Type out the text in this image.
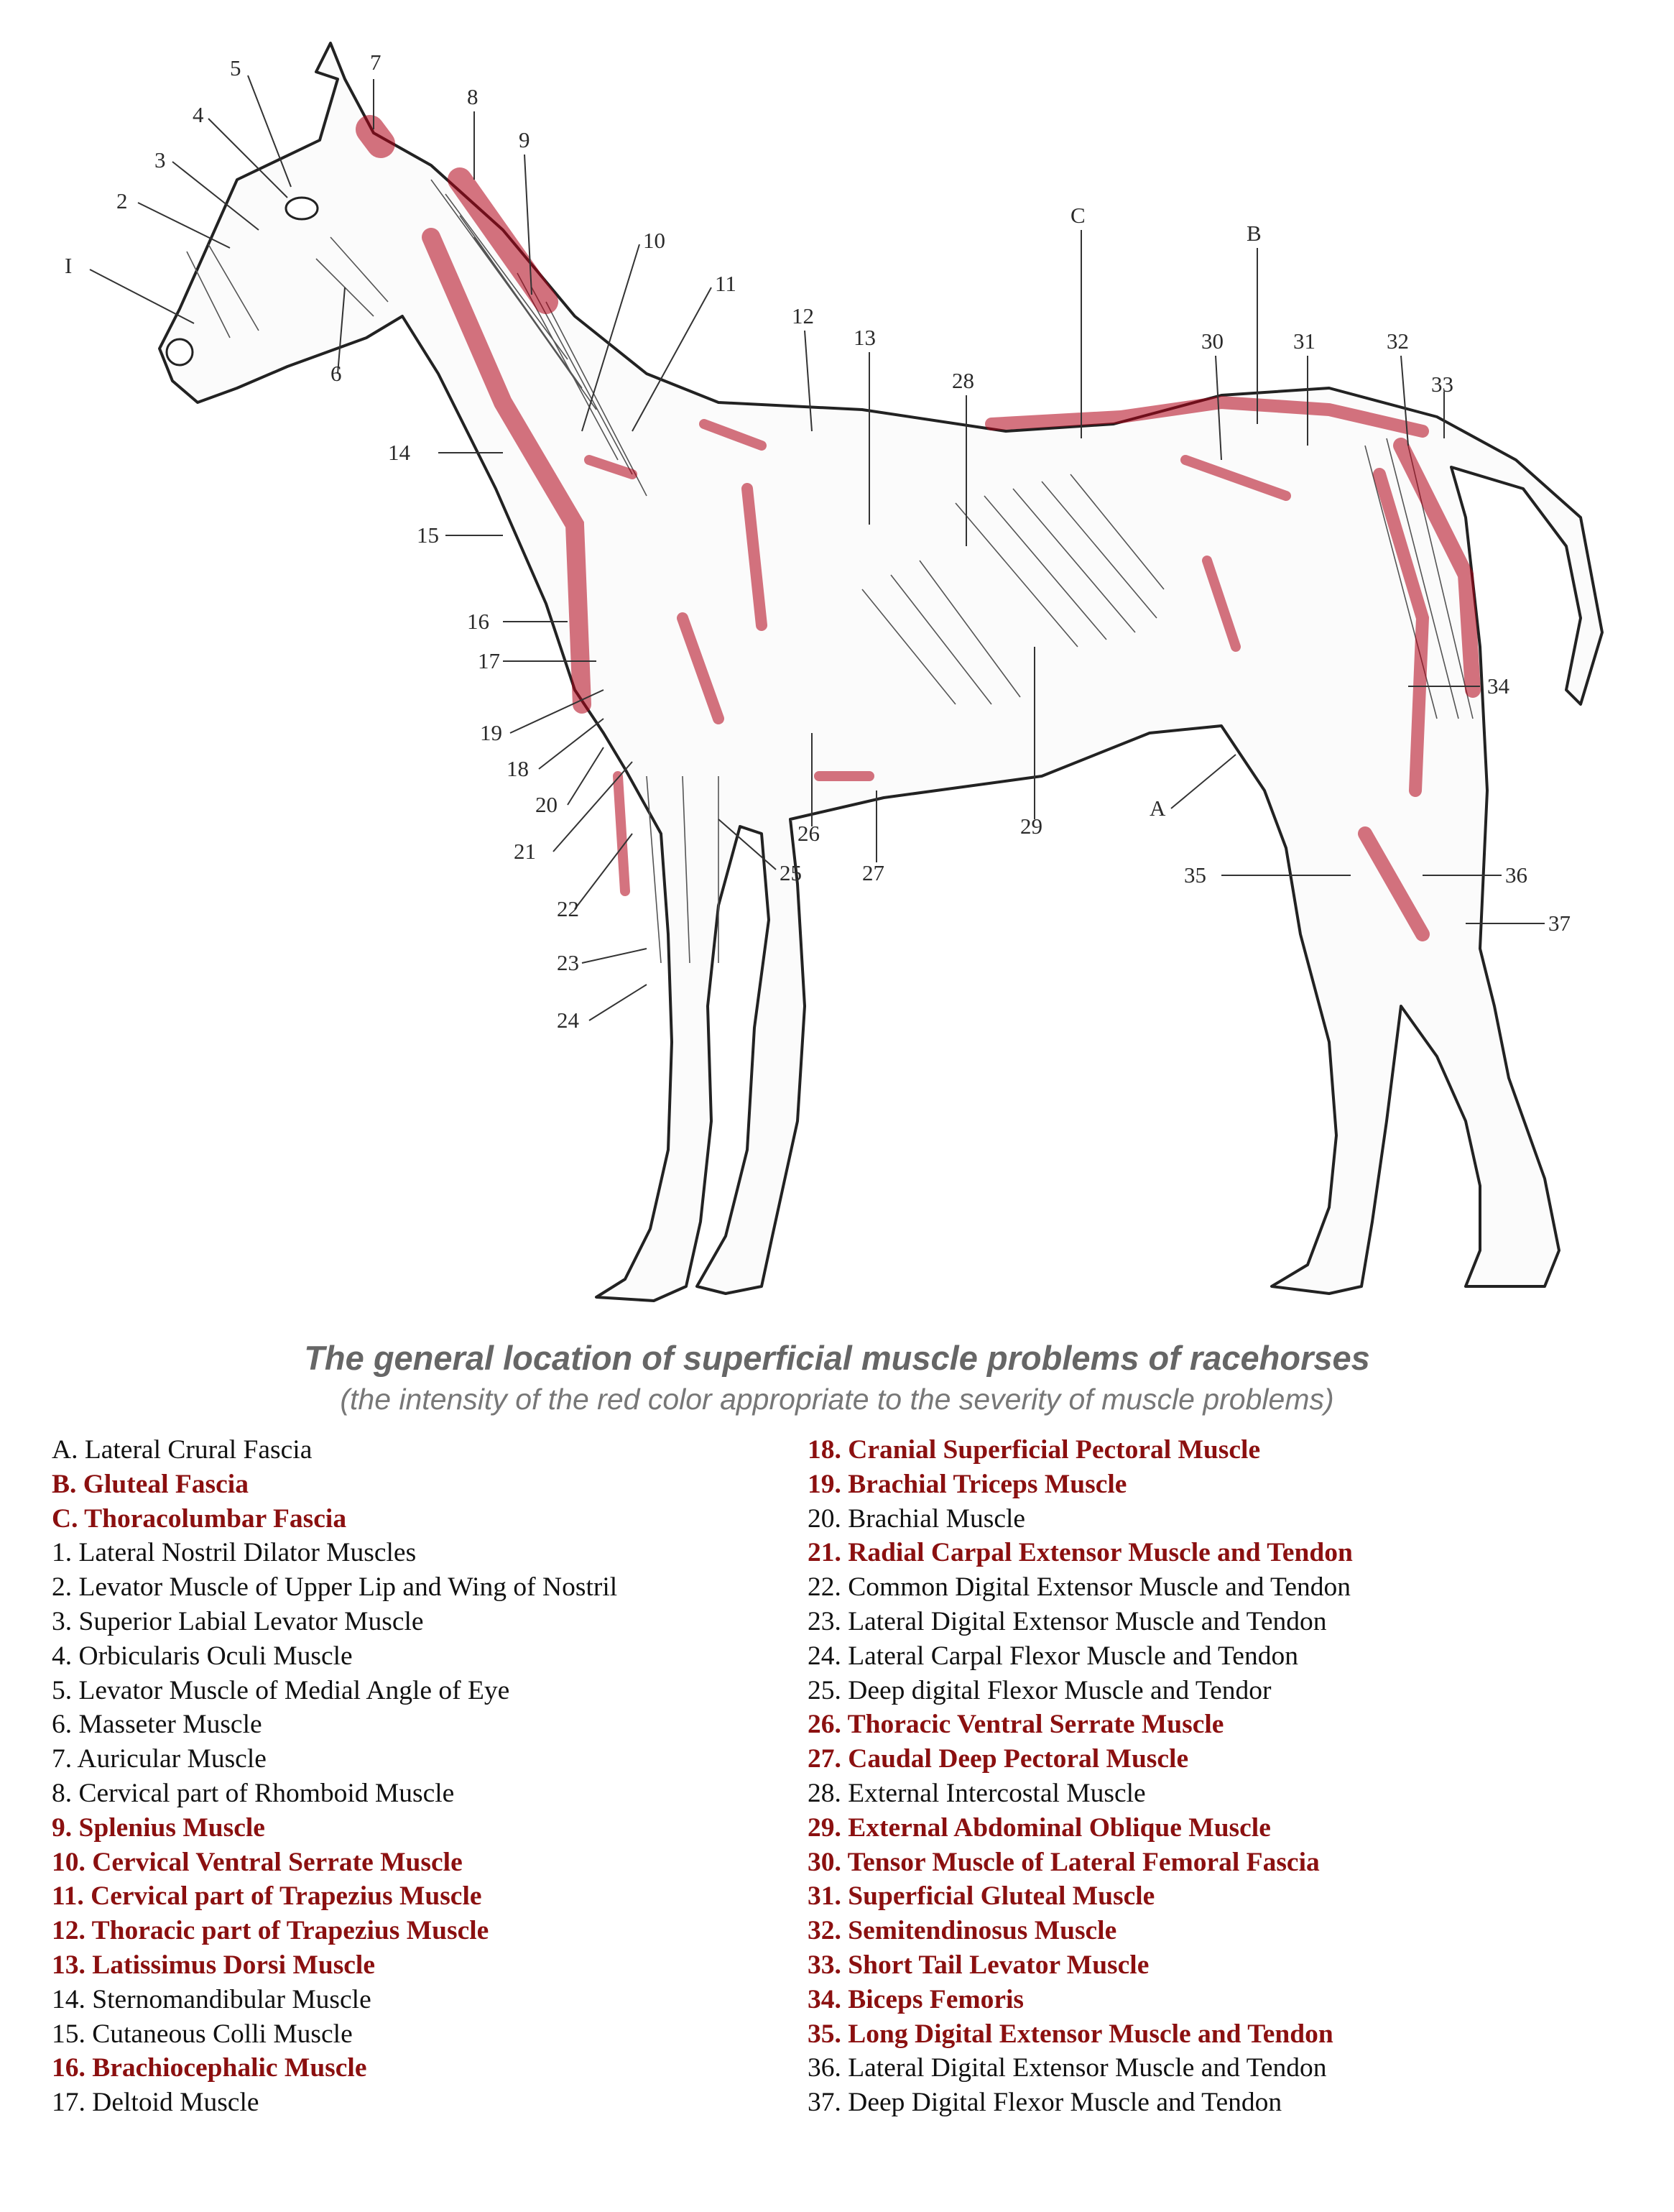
I
2
3
4
5
6
7
8
9
10
11
12
13
14
15
16
17
18
19
20
21
22
23
24
25
26
27
28
29
30	31	32
33
34
35	36
37
A
B
C
The general location of superficial muscle problems of racehorses
(the intensity of the red color appropriate to the severity of muscle problems)
A. Lateral Crural Fascia
B. Gluteal Fascia
C. Thoracolumbar Fascia
1. Lateral Nostril Dilator Muscles
2. Levator Muscle of Upper Lip and Wing of Nostril
3. Superior Labial Levator Muscle
4. Orbicularis Oculi Muscle
5. Levator Muscle of Medial Angle of Eye
6. Masseter Muscle
7. Auricular Muscle
8. Cervical part of Rhomboid Muscle
9. Splenius Muscle
10. Cervical Ventral Serrate Muscle
11. Cervical part of Trapezius Muscle
12. Thoracic part of Trapezius Muscle
13. Latissimus Dorsi Muscle
14. Sternomandibular Muscle
15. Cutaneous Colli Muscle
16. Brachiocephalic Muscle
17. Deltoid Muscle
18. Cranial Superficial Pectoral Muscle
19. Brachial Triceps Muscle
20. Brachial Muscle
21. Radial Carpal Extensor Muscle and Tendon
22. Common Digital Extensor Muscle and Tendon
23. Lateral Digital Extensor Muscle and Tendon
24. Lateral Carpal Flexor Muscle and Tendon
25. Deep digital Flexor Muscle and Tendor
26. Thoracic Ventral Serrate Muscle
27. Caudal Deep Pectoral Muscle
28. External Intercostal Muscle
29. External Abdominal Oblique Muscle
30. Tensor Muscle of Lateral Femoral Fascia
31. Superficial Gluteal Muscle
32. Semitendinosus Muscle
33. Short Tail Levator Muscle
34. Biceps Femoris
35. Long Digital Extensor Muscle and Tendon
36. Lateral Digital Extensor Muscle and Tendon
37. Deep Digital Flexor Muscle and Tendon
